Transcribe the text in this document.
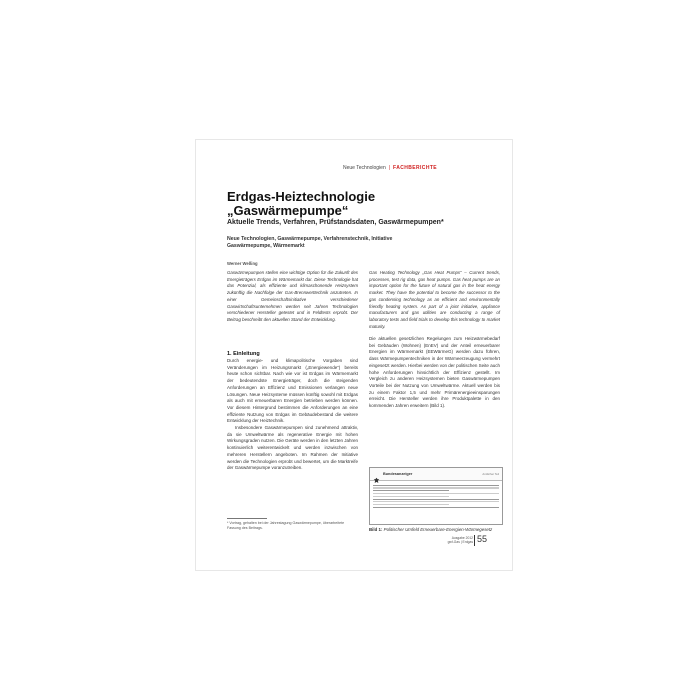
Neue Technologien | FACHBERICHTE
Erdgas-Heiztechnologie
„Gaswärmepumpe“

Aktuelle Trends, Verfahren, Prüfstandsdaten, Gaswärmepumpen*

Neue Technologien, Gaswärmepumpe, Verfahrenstechnik, Initiative Gaswärmepumpe, Wärmemarkt

Werner Weßing

Gaswärmepumpen stellen eine wichtige Option für die Zukunft des Energieträgers Erdgas im Wärmemarkt dar. Diese Technologie hat das Potenzial, als effiziente und klimaschonende Heizsystem zukünftig die Nachfolge der Gas-Brennwerttechnik anzutreten. In einer Gemeinschaftsinitiative verschiedener Gaswirtschaftsunternehmen werden seit Jahren Technologien verschiedener Hersteller getestet und in Feldtests erprobt. Der Beitrag beschreibt den aktuellen Stand der Entwicklung.

Gas Heating Technology „Gas Heat Pumps“ – Current trends, processes, test rig data, gas heat pumps. Gas heat pumps are an important option for the future of natural gas in the heat energy market. They have the potential to become the successor to the gas condensing technology as an efficient and environmentally friendly heating system. As part of a joint initiative, appliance manufacturers and gas utilities are conducting a range of laboratory tests and field trials to develop this technology to market maturity.

1. Einleitung

Durch energie- und klimapolitische Vorgaben sind Veränderungen im Heizungsmarkt („Energiewende“) bereits heute schon sichtbar. Nach wie vor ist Erdgas im Wärmemarkt der bedeutendste Energieträger, doch die steigenden Anforderungen an Effizienz und Emissionen verlangen neue Lösungen. Neue Heizsysteme müssen künftig sowohl mit Erdgas als auch mit erneuerbaren Energien betrieben werden können. Vor diesem Hintergrund bestimmen die Anforderungen an eine effiziente Nutzung von Erdgas im Gebäudebestand die weitere Entwicklung der Heiztechnik.

Insbesondere Gaswärmepumpen sind zunehmend attraktiv, da sie Umweltwärme als regenerative Energie mit hohen Wirkungsgraden nutzen. Die Geräte werden in den letzten Jahren kontinuierlich weiterentwickelt und werden inzwischen von mehreren Herstellern angeboten. Im Rahmen der Initiative werden die Technologien erprobt und bewertet, um die Marktreife der Gaswärmepumpe voranzutreiben.

Die aktuellen gesetzlichen Regelungen zum Heizwärmebedarf bei Gebäuden (Wohnen) (EnEV) und der Anteil erneuerbarer Energien im Wärmemarkt (EEWärmeG) werden dazu führen, dass Wärmepumpentechniken in der Wärmeerzeugung vermehrt eingesetzt werden. Hierbei werden von der politischen Seite auch hohe Anforderungen hinsichtlich der Effizienz gestellt. Im Vergleich zu anderen Heizsystemen bieten Gaswärmepumpen Vorteile bei der Nutzung von Umweltwärme. Aktuell werden bis zu einem Faktor 1,5 und mehr Primärenergieeinsparungen erreicht. Die Hersteller werden ihre Produktpalette in den kommenden Jahren erweitern (Bild 1).

* Vortrag, gehalten bei der Jahrestagung Gaswärmepumpe, überarbeitete Fassung des Beitrags.

Bundesanzeiger	Amtlicher Teil

Bild 1: Politischer Umfeld Erneuerbare-Energien-Wärmegesetz

Ausgabe 2012
gwf-Gas | Erdgas 55
